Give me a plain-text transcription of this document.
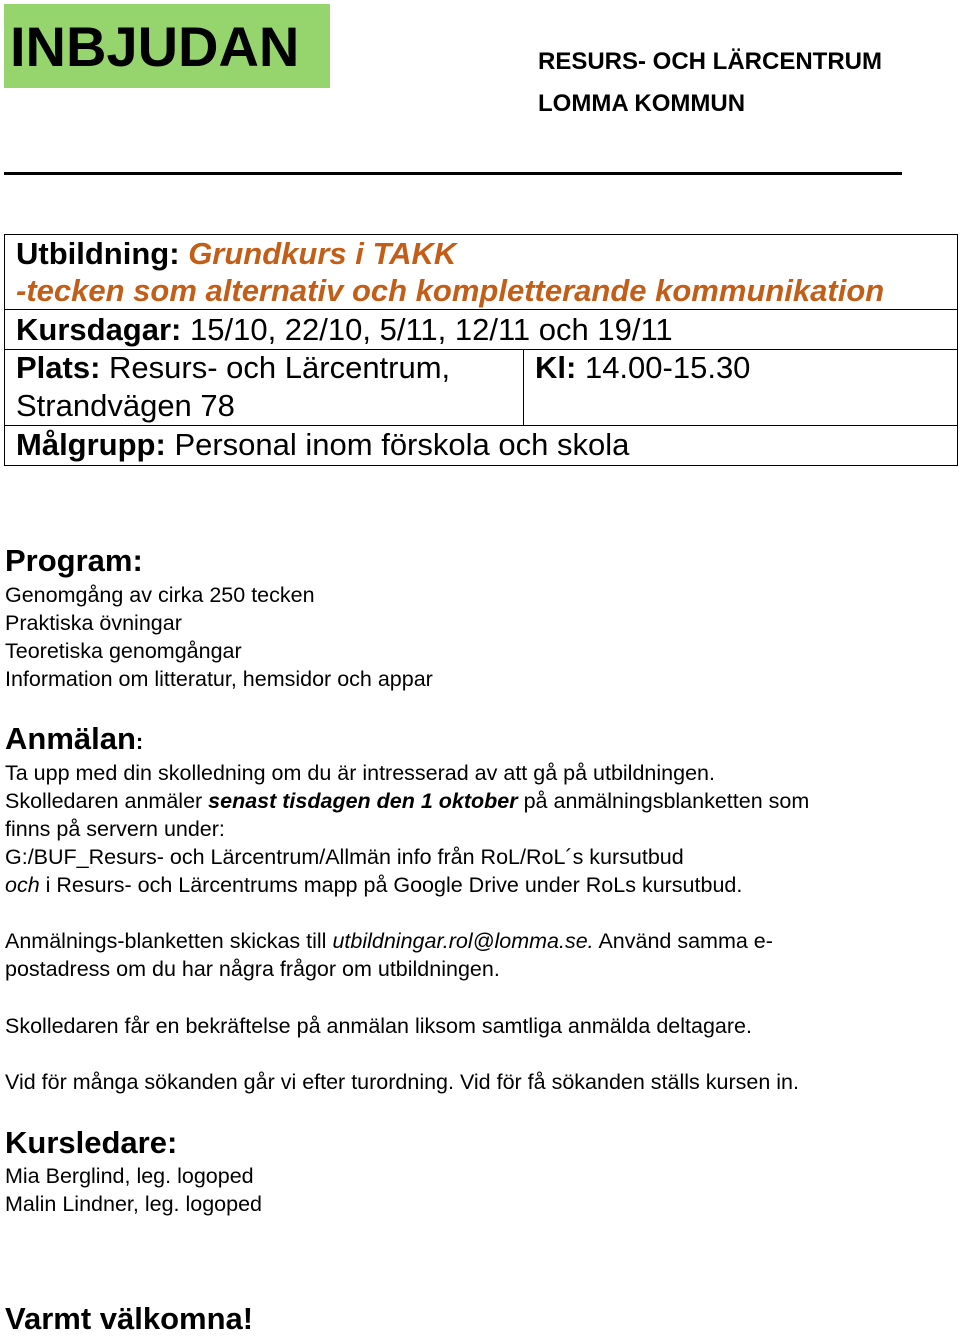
INBJUDAN	RESURS- OCH LÄRCENTRUM
LOMMA KOMMUN
Utbildning: Grundkurs i TAKK
-tecken som alternativ och kompletterande kommunikation
Kursdagar: 15/10, 22/10, 5/11, 12/11 och 19/11
Plats: Resurs- och Lärcentrum,
Strandvägen 78
Kl: 14.00-15.30
Målgrupp: Personal inom förskola och skola
Program:
Genomgång av cirka 250 tecken
Praktiska övningar
Teoretiska genomgångar
Information om litteratur, hemsidor och appar
Anmälan:
Ta upp med din skolledning om du är intresserad av att gå på utbildningen.
Skolledaren anmäler senast tisdagen den 1 oktober på anmälningsblanketten som
finns på servern under:
G:/BUF_Resurs- och Lärcentrum/Allmän info från RoL/RoL´s kursutbud
och i Resurs- och Lärcentrums mapp på Google Drive under RoLs kursutbud.
Anmälnings-blanketten skickas till utbildningar.rol@lomma.se. Använd samma e-
postadress om du har några frågor om utbildningen.
Skolledaren får en bekräftelse på anmälan liksom samtliga anmälda deltagare.
Vid för många sökanden går vi efter turordning. Vid för få sökanden ställs kursen in.
Kursledare:
Mia Berglind, leg. logoped
Malin Lindner, leg. logoped
Varmt välkomna!
